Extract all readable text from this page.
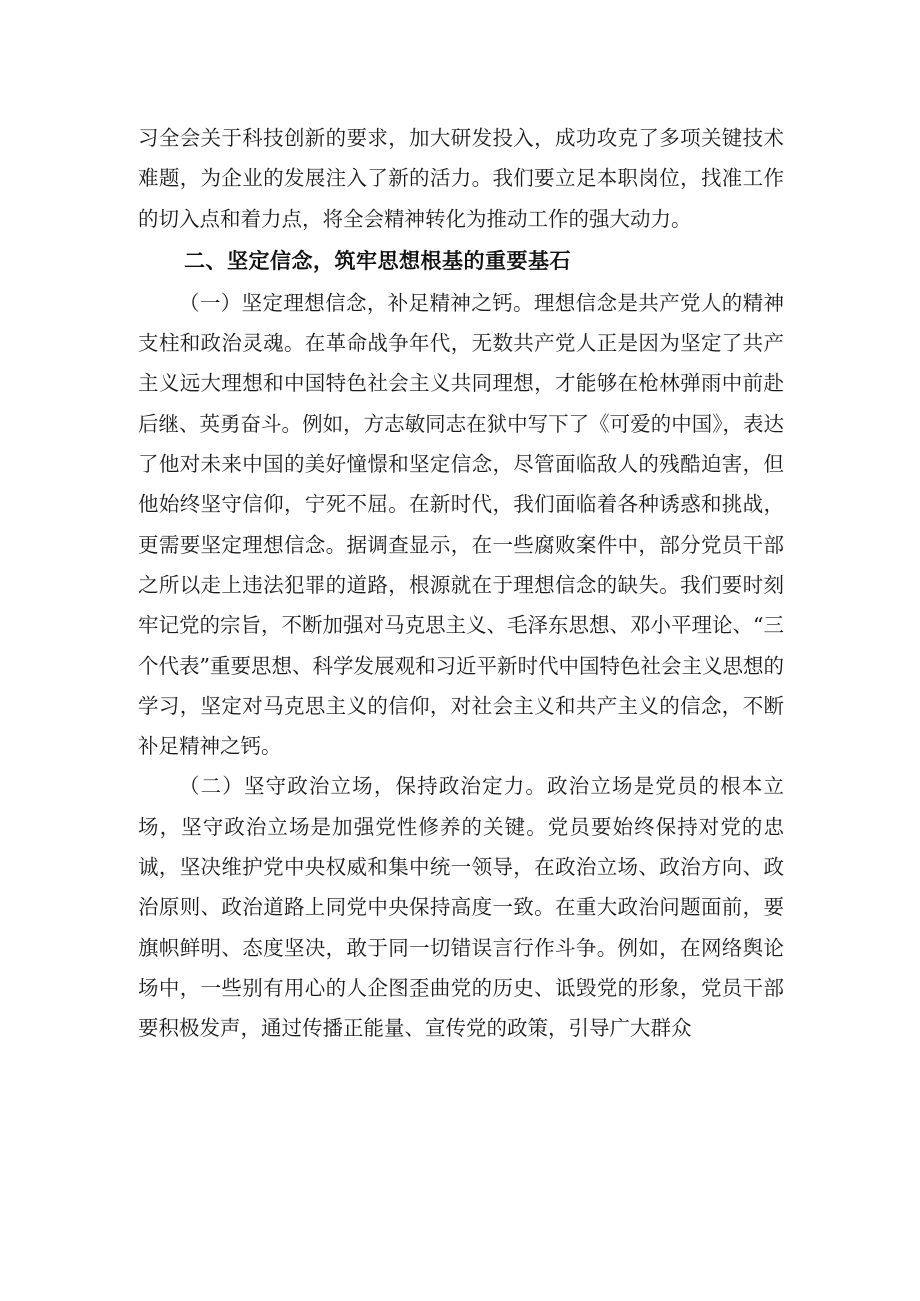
习全会关于科技创新的要求，加大研发投入，成功攻克了多项关键技术难题，为企业的发展注入了新的活力。我们要立足本职岗位，找准工作的切入点和着力点，将全会精神转化为推动工作的强大动力。

二、坚定信念，筑牢思想根基的重要基石

（一）坚定理想信念，补足精神之钙。理想信念是共产党人的精神支柱和政治灵魂。在革命战争年代，无数共产党人正是因为坚定了共产主义远大理想和中国特色社会主义共同理想，才能够在枪林弹雨中前赴后继、英勇奋斗。例如，方志敏同志在狱中写下了《可爱的中国》，表达了他对未来中国的美好憧憬和坚定信念，尽管面临敌人的残酷迫害，但他始终坚守信仰，宁死不屈。在新时代，我们面临着各种诱惑和挑战，更需要坚定理想信念。据调查显示，在一些腐败案件中，部分党员干部之所以走上违法犯罪的道路，根源就在于理想信念的缺失。我们要时刻牢记党的宗旨，不断加强对马克思主义、毛泽东思想、邓小平理论、“三个代表”重要思想、科学发展观和习近平新时代中国特色社会主义思想的学习，坚定对马克思主义的信仰，对社会主义和共产主义的信念，不断补足精神之钙。

（二）坚守政治立场，保持政治定力。政治立场是党员的根本立场，坚守政治立场是加强党性修养的关键。党员要始终保持对党的忠诚，坚决维护党中央权威和集中统一领导，在政治立场、政治方向、政治原则、政治道路上同党中央保持高度一致。在重大政治问题面前，要旗帜鲜明、态度坚决，敢于同一切错误言行作斗争。例如，在网络舆论场中，一些别有用心的人企图歪曲党的历史、诋毁党的形象，党员干部要积极发声，通过传播正能量、宣传党的政策，引导广大群众
